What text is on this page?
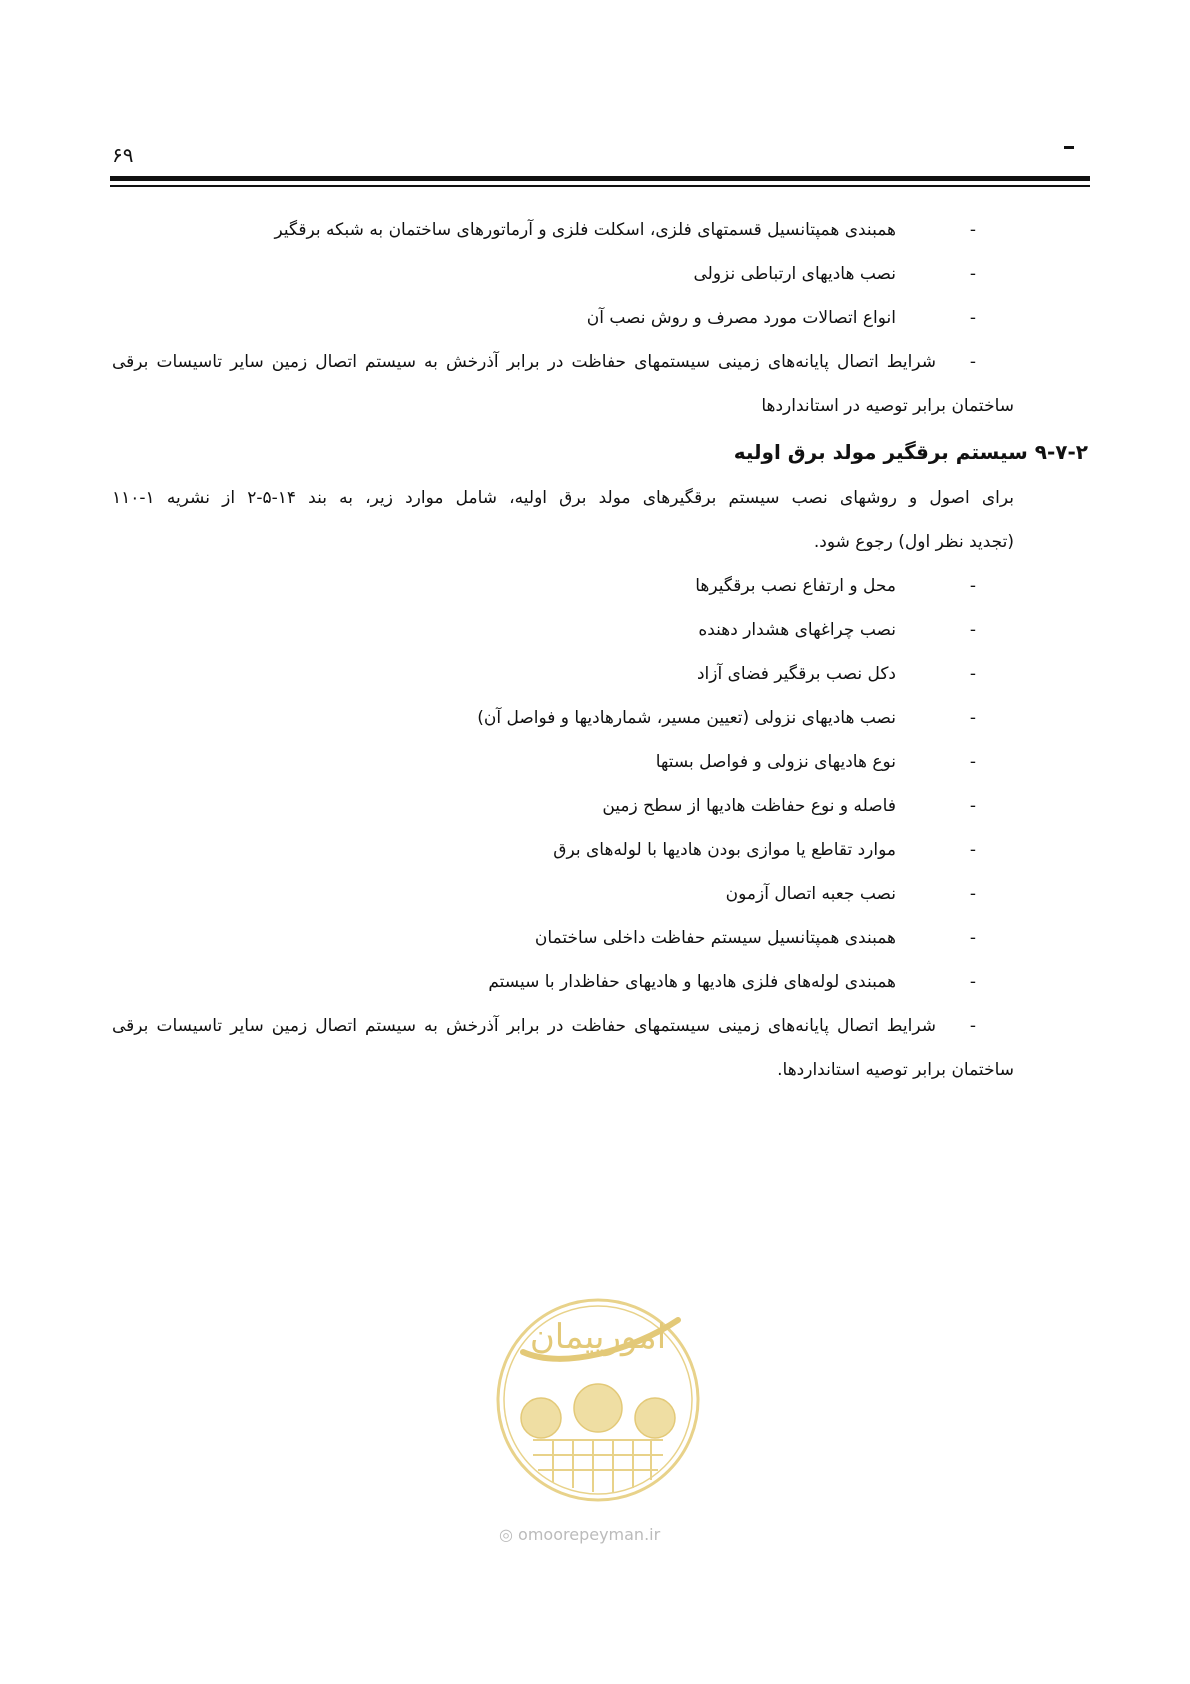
۶۹
-
همبندی همپتانسیل قسمتهای فلزی، اسکلت فلزی و آرماتورهای ساختمان به شبکه برقگیر
-
نصب هادیهای ارتباطی نزولی
-
انواع اتصالات مورد مصرف و روش نصب آن
-
شرایط اتصال پایانه‌های زمینی سیستمهای حفاظت در برابر آذرخش به سیستم اتصال زمین سایر تاسیسات برقی
ساختمان برابر توصیه در استانداردها
۹-۷-۲ سیستم برقگیر مولد برق اولیه
برای اصول و روشهای نصب سیستم برقگیرهای مولد برق اولیه، شامل موارد زیر، به بند ۱۴-۵-۲ از نشریه ۱-۱۱۰
(تجدید نظر اول) رجوع شود.
-
محل و ارتفاع نصب برقگیرها
-
نصب چراغهای هشدار دهنده
-
دکل نصب برقگیر فضای آزاد
-
نصب هادیهای نزولی (تعیین مسیر، شمارهادیها و فواصل آن)
-
نوع هادیهای نزولی و فواصل بستها
-
فاصله و نوع حفاظت هادیها از سطح زمین
-
موارد تقاطع یا موازی بودن هادیها با لوله‌های برق
-
نصب جعبه اتصال آزمون
-
همبندی همپتانسیل سیستم حفاظت داخلی ساختمان
-
همبندی لوله‌های فلزی هادیها و هادیهای حفاظدار با سیستم
-
شرایط اتصال پایانه‌های زمینی سیستمهای حفاظت در برابر آذرخش به سیستم اتصال زمین سایر تاسیسات برقی
ساختمان برابر توصیه استانداردها.
امورپیمان
◎ omoorepeyman.ir
